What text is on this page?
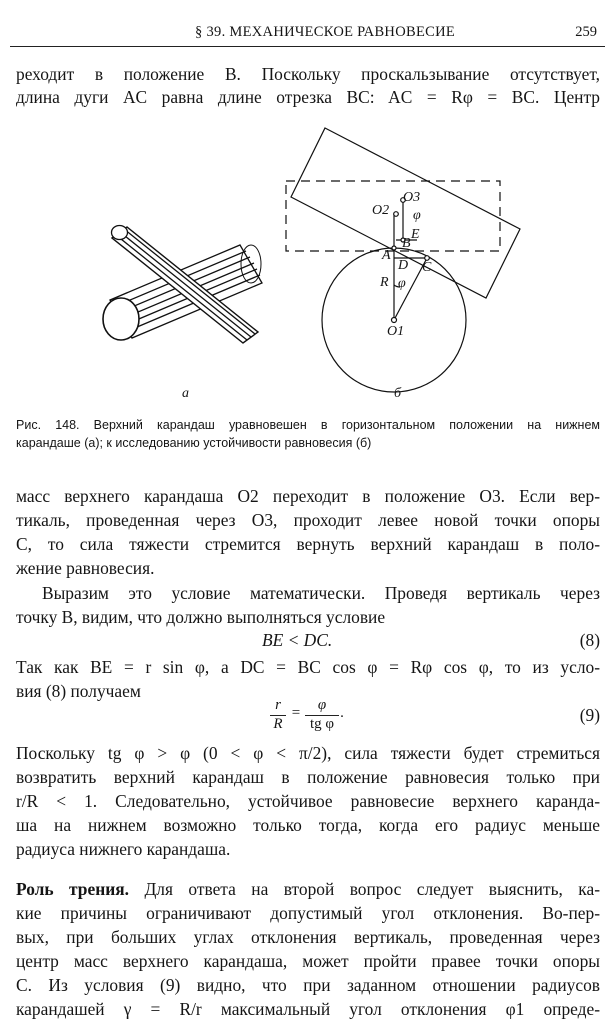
§ 39. МЕХАНИЧЕСКОЕ РАВНОВЕСИЕ	259
реходит в положение B. Поскольку проскальзывание отсутствует,
длина дуги AC равна длине отрезка BC: AC = Rφ = BC. Центр
O3
O2 φ
E
B
A
D C
R φ
O1
а	б
Рис. 148. Верхний карандаш уравновешен в горизонтальном положении на нижнем
карандаше (а); к исследованию устойчивости равновесия (б)
масс верхнего карандаша O2 переходит в положение O3. Если вер-
тикаль, проведенная через O3, проходит левее новой точки опоры
C, то сила тяжести стремится вернуть верхний карандаш в поло-
жение равновесия.
Выразим это условие математически. Проведя вертикаль через
точку B, видим, что должно выполняться условие
BE < DC.	(8)
Так как BE = r sin φ, а DC = BC cos φ = Rφ cos φ, то из усло-
вия (8) получаем
r
R
=	φ
tg φ
.	(9)
Поскольку tg φ > φ (0 < φ < π/2), сила тяжести будет стремиться
возвратить верхний карандаш в положение равновесия только при
r/R < 1. Следовательно, устойчивое равновесие верхнего каранда-
ша на нижнем возможно только тогда, когда его радиус меньше
радиуса нижнего карандаша.
Роль трения. Для ответа на второй вопрос следует выяснить, ка-
кие причины ограничивают допустимый угол отклонения. Во-пер-
вых, при больших углах отклонения вертикаль, проведенная через
центр масс верхнего карандаша, может пройти правее точки опоры
C. Из условия (9) видно, что при заданном отношении радиусов
карандашей γ = R/r максимальный угол отклонения φ1 опреде-
